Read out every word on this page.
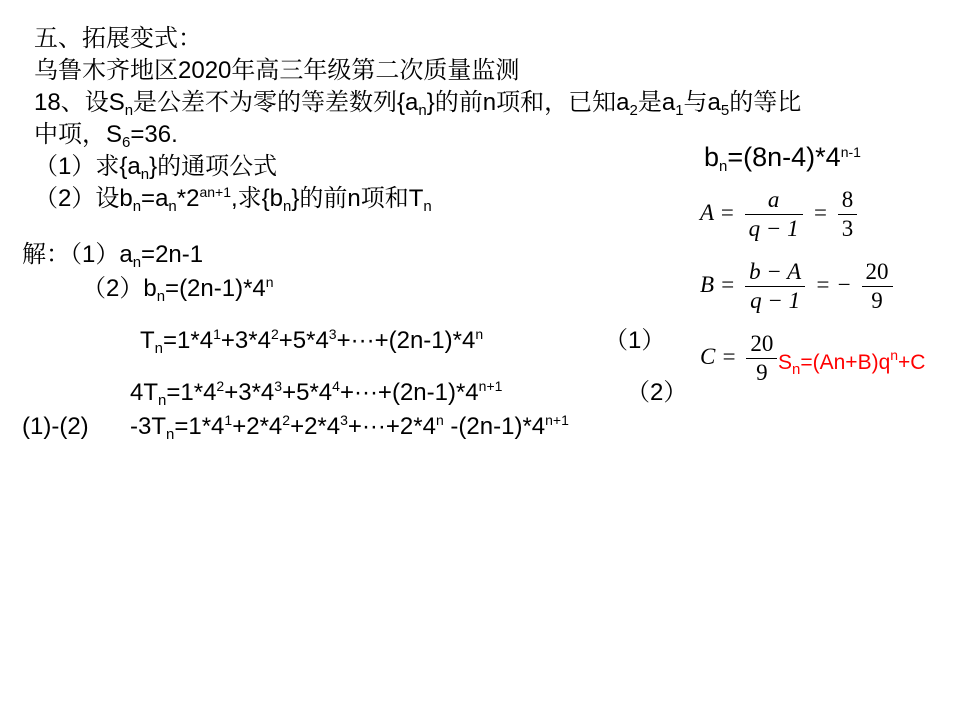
五、拓展变式：
乌鲁木齐地区2020年高三年级第二次质量监测
18、设$S_n$是公差不为零的等差数列$\{a_n\}$的前n项和，已知$a_2$是$a_1$与$a_5$的等比
中项，$S_6=36$.
（1）求$\{a_n\}$的通项公式
（2）设$b_n=a_n*2^{an+1}$,求$\{b_n\}$的前n项和$T_n$
解：$(1)a_n=2n-1$
$(2)b_n=(2n-1)*4^n$
$T_n=1*4^1+3*4^2+5*4^3+\cdot\cdot\cdot+(2n-1)*4^n$	（1）
$4T_n=1*4^2+3*4^3+5*4^4+\cdot\cdot\cdot+(2n-1)*4^{n+1}$	（2）
(1)-(2) $-3T_n=1*4^1+2*4^2+2*4^3+\cdot\cdot\cdot+2*4^n$ $-(2n-1)*4^{n+1}$
$bn=(8n-4)*4^{n-1}$
$A = \frac{a}{q - 1} = \frac{8}{3}$
$B = \frac{b - A}{q - 1}$ = − $\frac{20}{9}$
$C = \frac{20}{9} S_n=(An+B)q^n+C$
